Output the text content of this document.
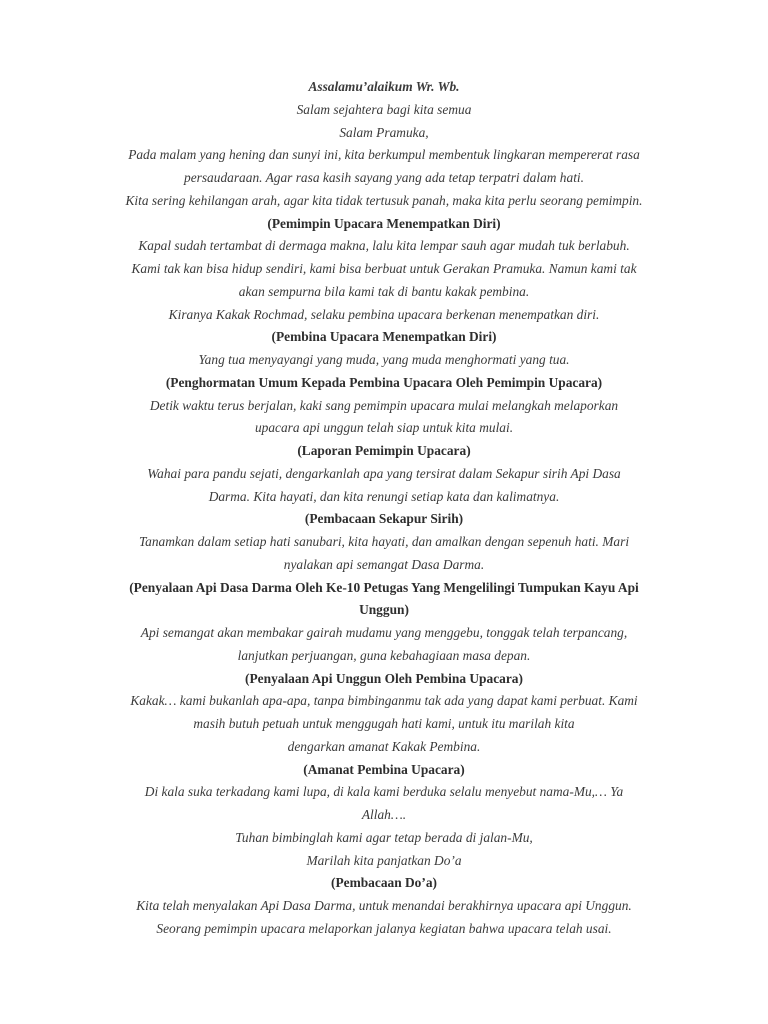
Assalamu’alaikum Wr. Wb.
Salam sejahtera bagi kita semua
Salam Pramuka,
Pada malam yang hening dan sunyi ini, kita berkumpul membentuk lingkaran mempererat rasa
persaudaraan. Agar rasa kasih sayang yang ada tetap terpatri dalam hati.
Kita sering kehilangan arah, agar kita tidak tertusuk panah, maka kita perlu seorang pemimpin.
(Pemimpin Upacara Menempatkan Diri)
Kapal sudah tertambat di dermaga makna, lalu kita lempar sauh agar mudah tuk berlabuh.
Kami tak kan bisa hidup sendiri, kami bisa berbuat untuk Gerakan Pramuka. Namun kami tak
akan sempurna bila kami tak di bantu kakak pembina.
Kiranya Kakak Rochmad, selaku pembina upacara berkenan menempatkan diri.
(Pembina Upacara Menempatkan Diri)
Yang tua menyayangi yang muda, yang muda menghormati yang tua.
(Penghormatan Umum Kepada Pembina Upacara Oleh Pemimpin Upacara)
Detik waktu terus berjalan, kaki sang pemimpin upacara mulai melangkah melaporkan
upacara api unggun telah siap untuk kita mulai.
(Laporan Pemimpin Upacara)
Wahai para pandu sejati, dengarkanlah apa yang tersirat dalam Sekapur sirih Api Dasa
Darma. Kita hayati, dan kita renungi setiap kata dan kalimatnya.
(Pembacaan Sekapur Sirih)
Tanamkan dalam setiap hati sanubari, kita hayati, dan amalkan dengan sepenuh hati. Mari
nyalakan api semangat Dasa Darma.
(Penyalaan Api Dasa Darma Oleh Ke-10 Petugas Yang Mengelilingi Tumpukan Kayu Api
Unggun)
Api semangat akan membakar gairah mudamu yang menggebu, tonggak telah terpancang,
lanjutkan perjuangan, guna kebahagiaan masa depan.
(Penyalaan Api Unggun Oleh Pembina Upacara)
Kakak… kami bukanlah apa-apa, tanpa bimbinganmu tak ada yang dapat kami perbuat. Kami
masih butuh petuah untuk menggugah hati kami, untuk itu marilah kita
dengarkan amanat Kakak Pembina.
(Amanat Pembina Upacara)
Di kala suka terkadang kami lupa, di kala kami berduka selalu menyebut nama-Mu,… Ya
Allah….
Tuhan bimbinglah kami agar tetap berada di jalan-Mu,
Marilah kita panjatkan Do’a
(Pembacaan Do’a)
Kita telah menyalakan Api Dasa Darma, untuk menandai berakhirnya upacara api Unggun.
Seorang pemimpin upacara melaporkan jalanya kegiatan bahwa upacara telah usai.
